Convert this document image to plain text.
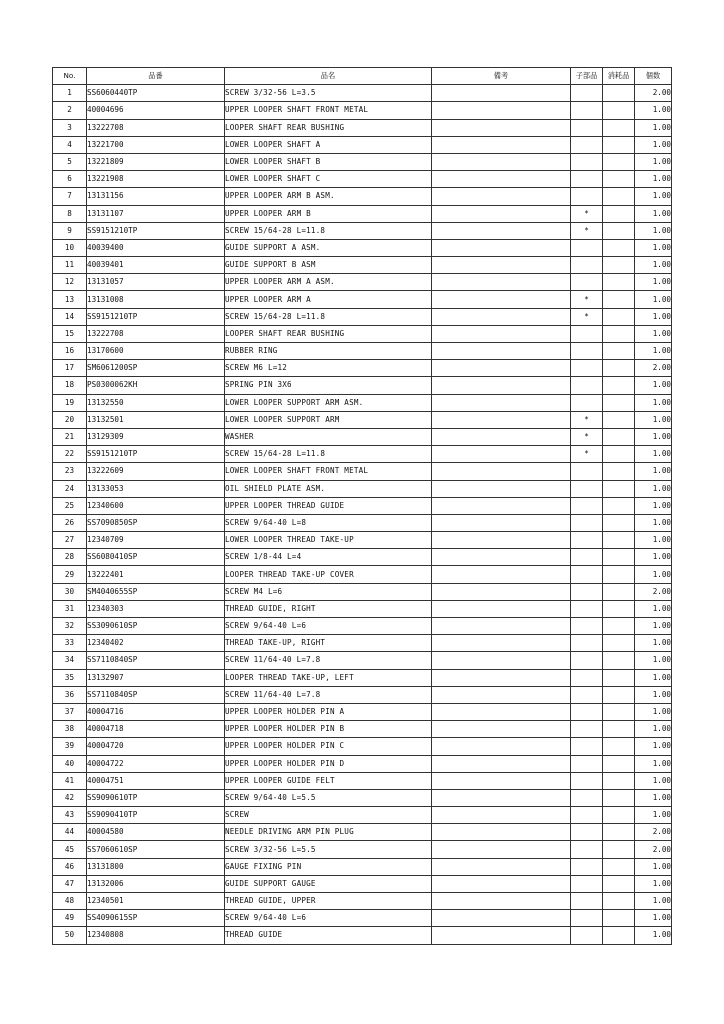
No.	品番	品名	備考	子部品	消耗品	個数
1	SS6060440TP	SCREW 3/32-56 L=3.5				2.00
2	40004696	UPPER LOOPER SHAFT FRONT METAL				1.00
3	13222708	LOOPER SHAFT REAR BUSHING				1.00
4	13221700	LOWER LOOPER SHAFT A				1.00
5	13221809	LOWER LOOPER SHAFT B				1.00
6	13221908	LOWER LOOPER SHAFT C				1.00
7	13131156	UPPER LOOPER ARM B ASM.				1.00
8	13131107	UPPER LOOPER ARM B		*		1.00
9	SS9151210TP	SCREW 15/64-28 L=11.8		*		1.00
10	40039400	GUIDE SUPPORT A ASM.				1.00
11	40039401	GUIDE SUPPORT B ASM				1.00
12	13131057	UPPER LOOPER ARM A ASM.				1.00
13	13131008	UPPER LOOPER ARM A		*		1.00
14	SS9151210TP	SCREW 15/64-28 L=11.8		*		1.00
15	13222708	LOOPER SHAFT REAR BUSHING				1.00
16	13170600	RUBBER RING				1.00
17	SM6061200SP	SCREW M6 L=12				2.00
18	PS0300062KH	SPRING PIN 3X6				1.00
19	13132550	LOWER LOOPER SUPPORT ARM ASM.				1.00
20	13132501	LOWER LOOPER SUPPORT ARM		*		1.00
21	13129309	WASHER		*		1.00
22	SS9151210TP	SCREW 15/64-28 L=11.8		*		1.00
23	13222609	LOWER LOOPER SHAFT FRONT METAL				1.00
24	13133053	OIL SHIELD PLATE ASM.				1.00
25	12340600	UPPER LOOPER THREAD GUIDE				1.00
26	SS7090850SP	SCREW 9/64-40 L=8				1.00
27	12340709	LOWER LOOPER THREAD TAKE-UP				1.00
28	SS6080410SP	SCREW 1/8-44 L=4				1.00
29	13222401	LOOPER THREAD TAKE-UP COVER				1.00
30	SM4040655SP	SCREW M4 L=6				2.00
31	12340303	THREAD GUIDE, RIGHT				1.00
32	SS3090610SP	SCREW 9/64-40 L=6				1.00
33	12340402	THREAD TAKE-UP, RIGHT				1.00
34	SS7110840SP	SCREW 11/64-40 L=7.8				1.00
35	13132907	LOOPER THREAD TAKE-UP, LEFT				1.00
36	SS7110840SP	SCREW 11/64-40 L=7.8				1.00
37	40004716	UPPER LOOPER HOLDER PIN A				1.00
38	40004718	UPPER LOOPER HOLDER PIN B				1.00
39	40004720	UPPER LOOPER HOLDER PIN C				1.00
40	40004722	UPPER LOOPER HOLDER PIN D				1.00
41	40004751	UPPER LOOPER GUIDE FELT				1.00
42	SS9090610TP	SCREW 9/64-40 L=5.5				1.00
43	SS9090410TP	SCREW				1.00
44	40004580	NEEDLE DRIVING ARM PIN PLUG				2.00
45	SS7060610SP	SCREW 3/32-56 L=5.5				2.00
46	13131800	GAUGE FIXING PIN				1.00
47	13132006	GUIDE SUPPORT GAUGE				1.00
48	12340501	THREAD GUIDE, UPPER				1.00
49	SS4090615SP	SCREW 9/64-40 L=6				1.00
50	12340808	THREAD GUIDE				1.00
